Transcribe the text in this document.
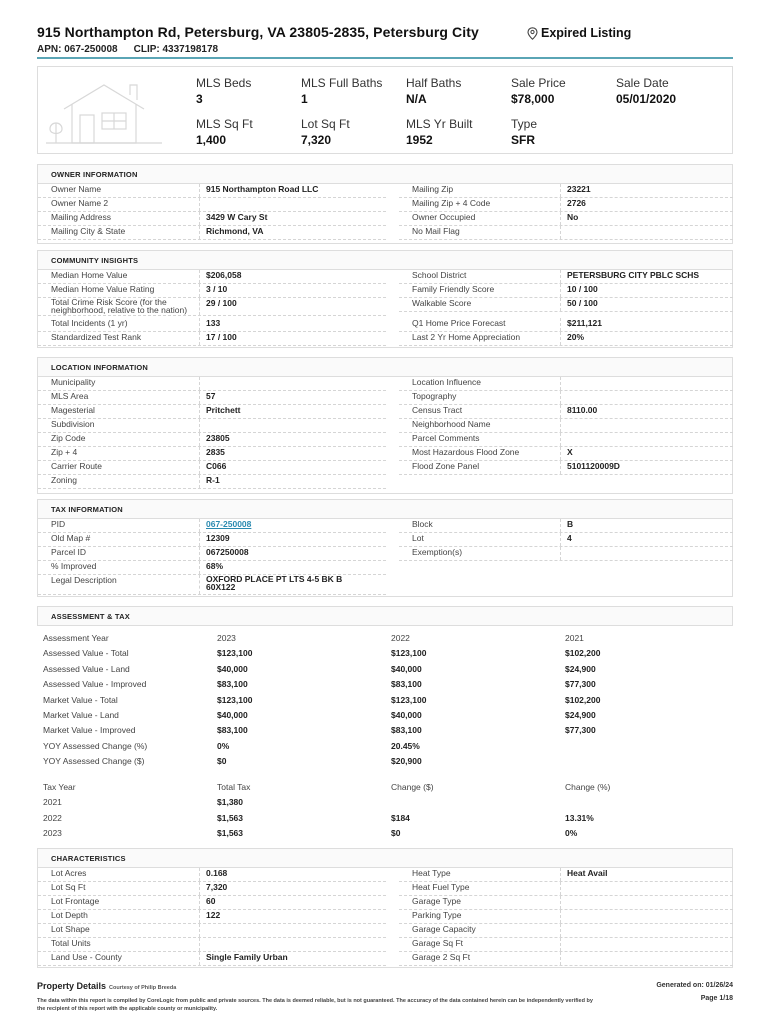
915 Northampton Rd, Petersburg, VA 23805-2835, Petersburg City	Expired Listing
APN: 067-250008 CLIP: 4337198178
MLS Beds
3
MLS Full Baths
1
Half Baths
N/A
Sale Price
$78,000
Sale Date
05/01/2020
MLS Sq Ft
1,400
Lot Sq Ft
7,320
MLS Yr Built
1952
Type
SFR
OWNER INFORMATION
Owner Name	915 Northampton Road LLC
Owner Name 2
Mailing Address	3429 W Cary St
Mailing City & State	Richmond, VA
Mailing Zip	23221
Mailing Zip + 4 Code	2726
Owner Occupied	No
No Mail Flag
COMMUNITY INSIGHTS
Median Home Value	$206,058
Median Home Value Rating	3 / 10
Total Crime Risk Score (for the neighborhood, relative to the nation)
29 / 100
Total Incidents (1 yr)	133
Standardized Test Rank	17 / 100
School District	PETERSBURG CITY PBLC SCHS
Family Friendly Score	10 / 100
Walkable Score	50 / 100
Q1 Home Price Forecast	$211,121
Last 2 Yr Home Appreciation	20%
LOCATION INFORMATION
Municipality
MLS Area	57
Magesterial	Pritchett
Subdivision
Zip Code	23805
Zip + 4	2835
Carrier Route	C066
Zoning	R-1
Location Influence
Topography
Census Tract	8110.00
Neighborhood Name
Parcel Comments
Most Hazardous Flood Zone	X
Flood Zone Panel	5101120009D
TAX INFORMATION
PID	067-250008
Old Map #	12309
Parcel ID	067250008
% Improved	68%
Legal Description	OXFORD PLACE PT LTS 4-5 BK B
60X122
Block	B
Lot	4
Exemption(s)
ASSESSMENT & TAX
Assessment Year	2023	2022	2021
Assessed Value - Total	$123,100	$123,100	$102,200
Assessed Value - Land	$40,000	$40,000	$24,900
Assessed Value - Improved	$83,100	$83,100	$77,300
Market Value - Total	$123,100	$123,100	$102,200
Market Value - Land	$40,000	$40,000	$24,900
Market Value - Improved	$83,100	$83,100	$77,300
YOY Assessed Change (%)	0%	20.45%
YOY Assessed Change ($)	$0	$20,900
Tax Year	Total Tax	Change ($)	Change (%)
2021	$1,380
2022	$1,563	$184	13.31%
2023	$1,563	$0	0%
CHARACTERISTICS
Lot Acres	0.168
Lot Sq Ft	7,320
Lot Frontage	60
Lot Depth	122
Lot Shape
Total Units
Land Use - County	Single Family Urban
Heat Type	Heat Avail
Heat Fuel Type
Garage Type
Parking Type
Garage Capacity
Garage Sq Ft
Garage 2 Sq Ft
Property Details Courtesy of Philip Breeda	Generated on: 01/26/24
Page 1/18
The data within this report is compiled by CoreLogic from public and private sources. The data is deemed reliable, but is not guaranteed. The accuracy of the data contained herein can be independently verified by the recipient of this report with the applicable county or municipality.
